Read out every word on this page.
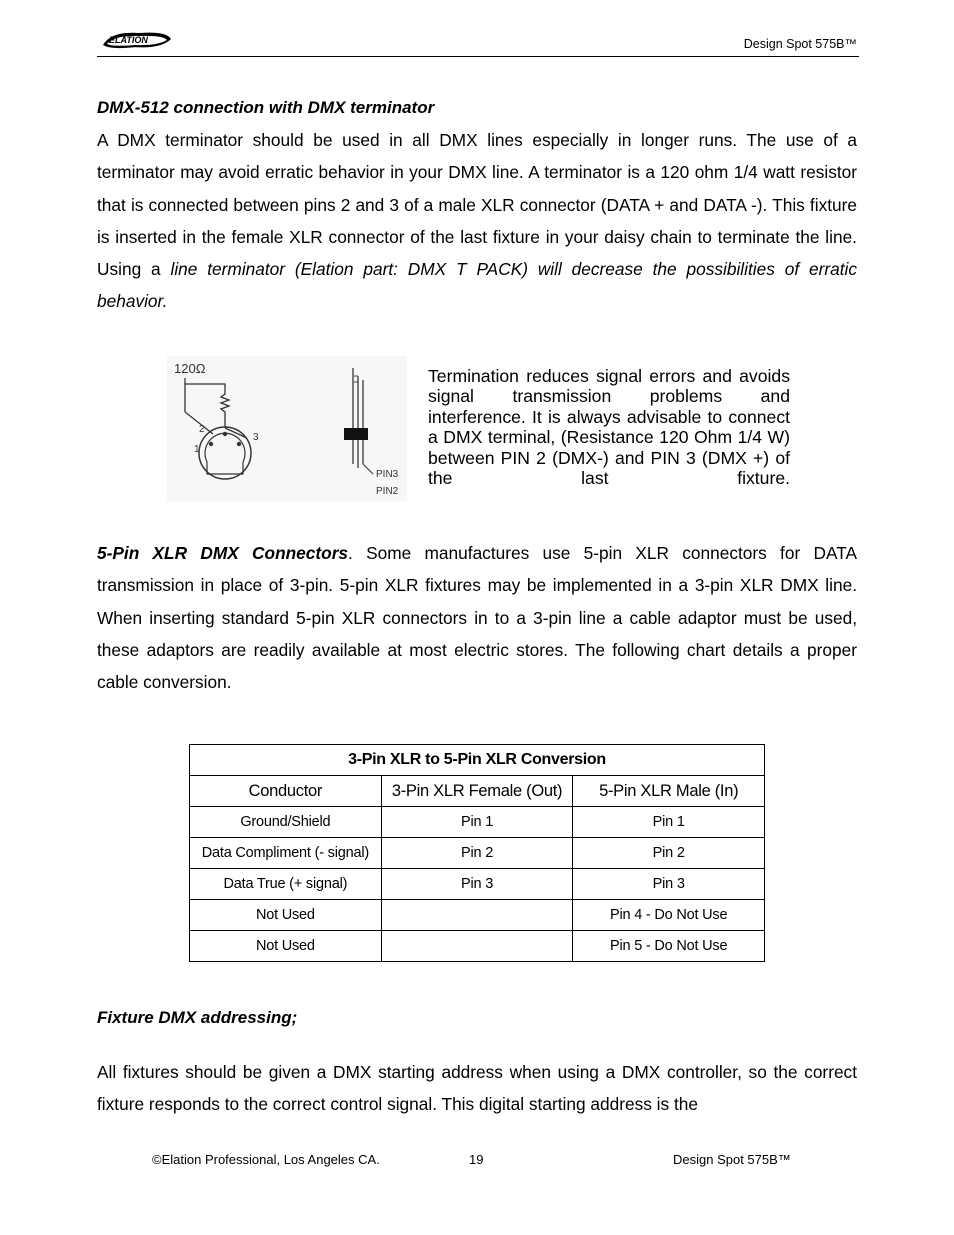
ELATION
PROFESSIONAL	Design Spot 575B™
DMX-512 connection with DMX terminator

A DMX terminator should be used in all DMX lines especially in longer runs. The use of a terminator may avoid erratic behavior in your DMX line. A terminator is a 120 ohm 1/4 watt resistor that is connected between pins 2 and 3 of a male XLR connector (DATA + and DATA -). This fixture is inserted in the female XLR connector of the last fixture in your daisy chain to terminate the line. Using a line terminator (Elation part: DMX T PACK) will decrease the possibilities of erratic behavior.

120Ω
2
1
3
PIN3
PIN2

Termination reduces signal errors and avoids signal transmission problems and interference. It is always advisable to connect a DMX terminal, (Resistance 120 Ohm 1/4 W) between PIN 2 (DMX-) and PIN 3 (DMX +) of the last fixture.

5-Pin XLR DMX Connectors. Some manufactures use 5-pin XLR connectors for DATA transmission in place of 3-pin. 5-pin XLR fixtures may be implemented in a 3-pin XLR DMX line. When inserting standard 5-pin XLR connectors in to a 3-pin line a cable adaptor must be used, these adaptors are readily available at most electric stores. The following chart details a proper cable conversion.

3-Pin XLR to 5-Pin XLR Conversion		
Conductor	3-Pin XLR Female (Out)	5-Pin XLR Male (In)
Ground/Shield	Pin 1	Pin 1
Data Compliment (- signal)	Pin 2	Pin 2
Data True (+ signal)	Pin 3	Pin 3
Not Used		Pin 4 - Do Not Use
Not Used		Pin 5 - Do Not Use
Fixture DMX addressing;

All fixtures should be given a DMX starting address when using a DMX controller, so the correct fixture responds to the correct control signal. This digital starting address is the

©Elation Professional, Los Angeles CA.	19	Design Spot 575B™
